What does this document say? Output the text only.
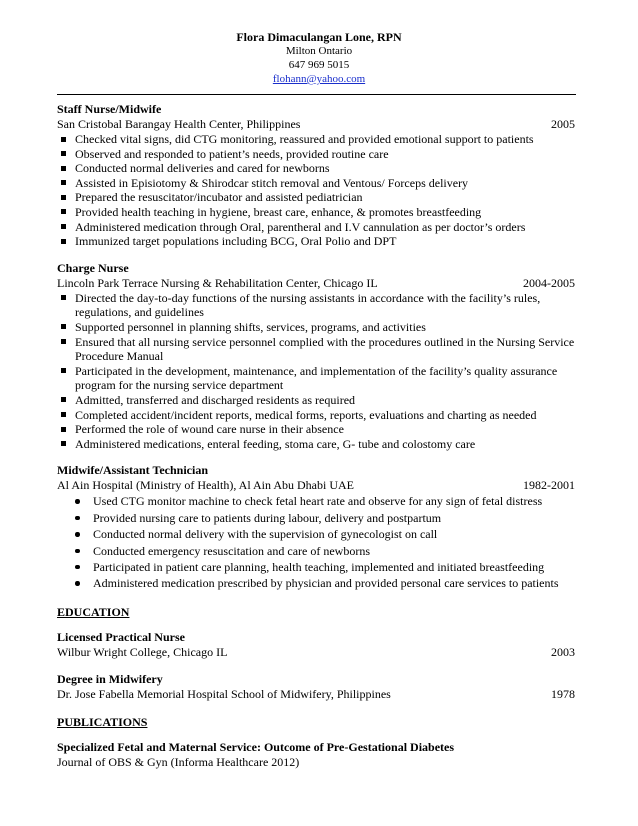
Flora Dimaculangan Lone, RPN
Milton Ontario
647 969 5015
flohann@yahoo.com
Staff Nurse/Midwife
San Cristobal Barangay Health Center, Philippines	2005
Checked vital signs, did CTG monitoring, reassured and provided emotional support to patients
Observed and responded to patient’s needs, provided routine care
Conducted normal deliveries and cared for newborns
Assisted in Episiotomy & Shirodcar stitch removal and Ventous/ Forceps delivery
Prepared the resuscitator/incubator and assisted pediatrician
Provided health teaching in hygiene, breast care, enhance, & promotes breastfeeding
Administered medication through Oral, parentheral and I.V cannulation as per doctor’s orders
Immunized target populations including BCG, Oral Polio and DPT
Charge Nurse
Lincoln Park Terrace Nursing & Rehabilitation Center, Chicago IL	2004-2005
Directed the day-to-day functions of the nursing assistants in accordance with the facility’s rules, regulations, and guidelines
Supported personnel in planning shifts, services, programs, and activities
Ensured that all nursing service personnel complied with the procedures outlined in the Nursing Service Procedure Manual
Participated in the development, maintenance, and implementation of the facility’s quality assurance program for the nursing service department
Admitted, transferred and discharged residents as required
Completed accident/incident reports, medical forms, reports, evaluations and charting as needed
Performed the role of wound care nurse in their absence
Administered medications, enteral feeding, stoma care, G- tube and colostomy care
Midwife/Assistant Technician
Al Ain Hospital (Ministry of Health), Al Ain Abu Dhabi UAE	1982-2001
Used CTG monitor machine to check fetal heart rate and observe for any sign of fetal distress
Provided nursing care to patients during labour, delivery and postpartum
Conducted normal delivery with the supervision of gynecologist on call
Conducted emergency resuscitation and care of newborns
Participated in patient care planning, health teaching, implemented and initiated breastfeeding
Administered medication prescribed by physician and provided personal care services to patients
EDUCATION
Licensed Practical Nurse
Wilbur Wright College, Chicago IL	2003
Degree in Midwifery
Dr. Jose Fabella Memorial Hospital School of Midwifery, Philippines	1978
PUBLICATIONS
Specialized Fetal and Maternal Service: Outcome of Pre-Gestational Diabetes
Journal of OBS & Gyn (Informa Healthcare 2012)
